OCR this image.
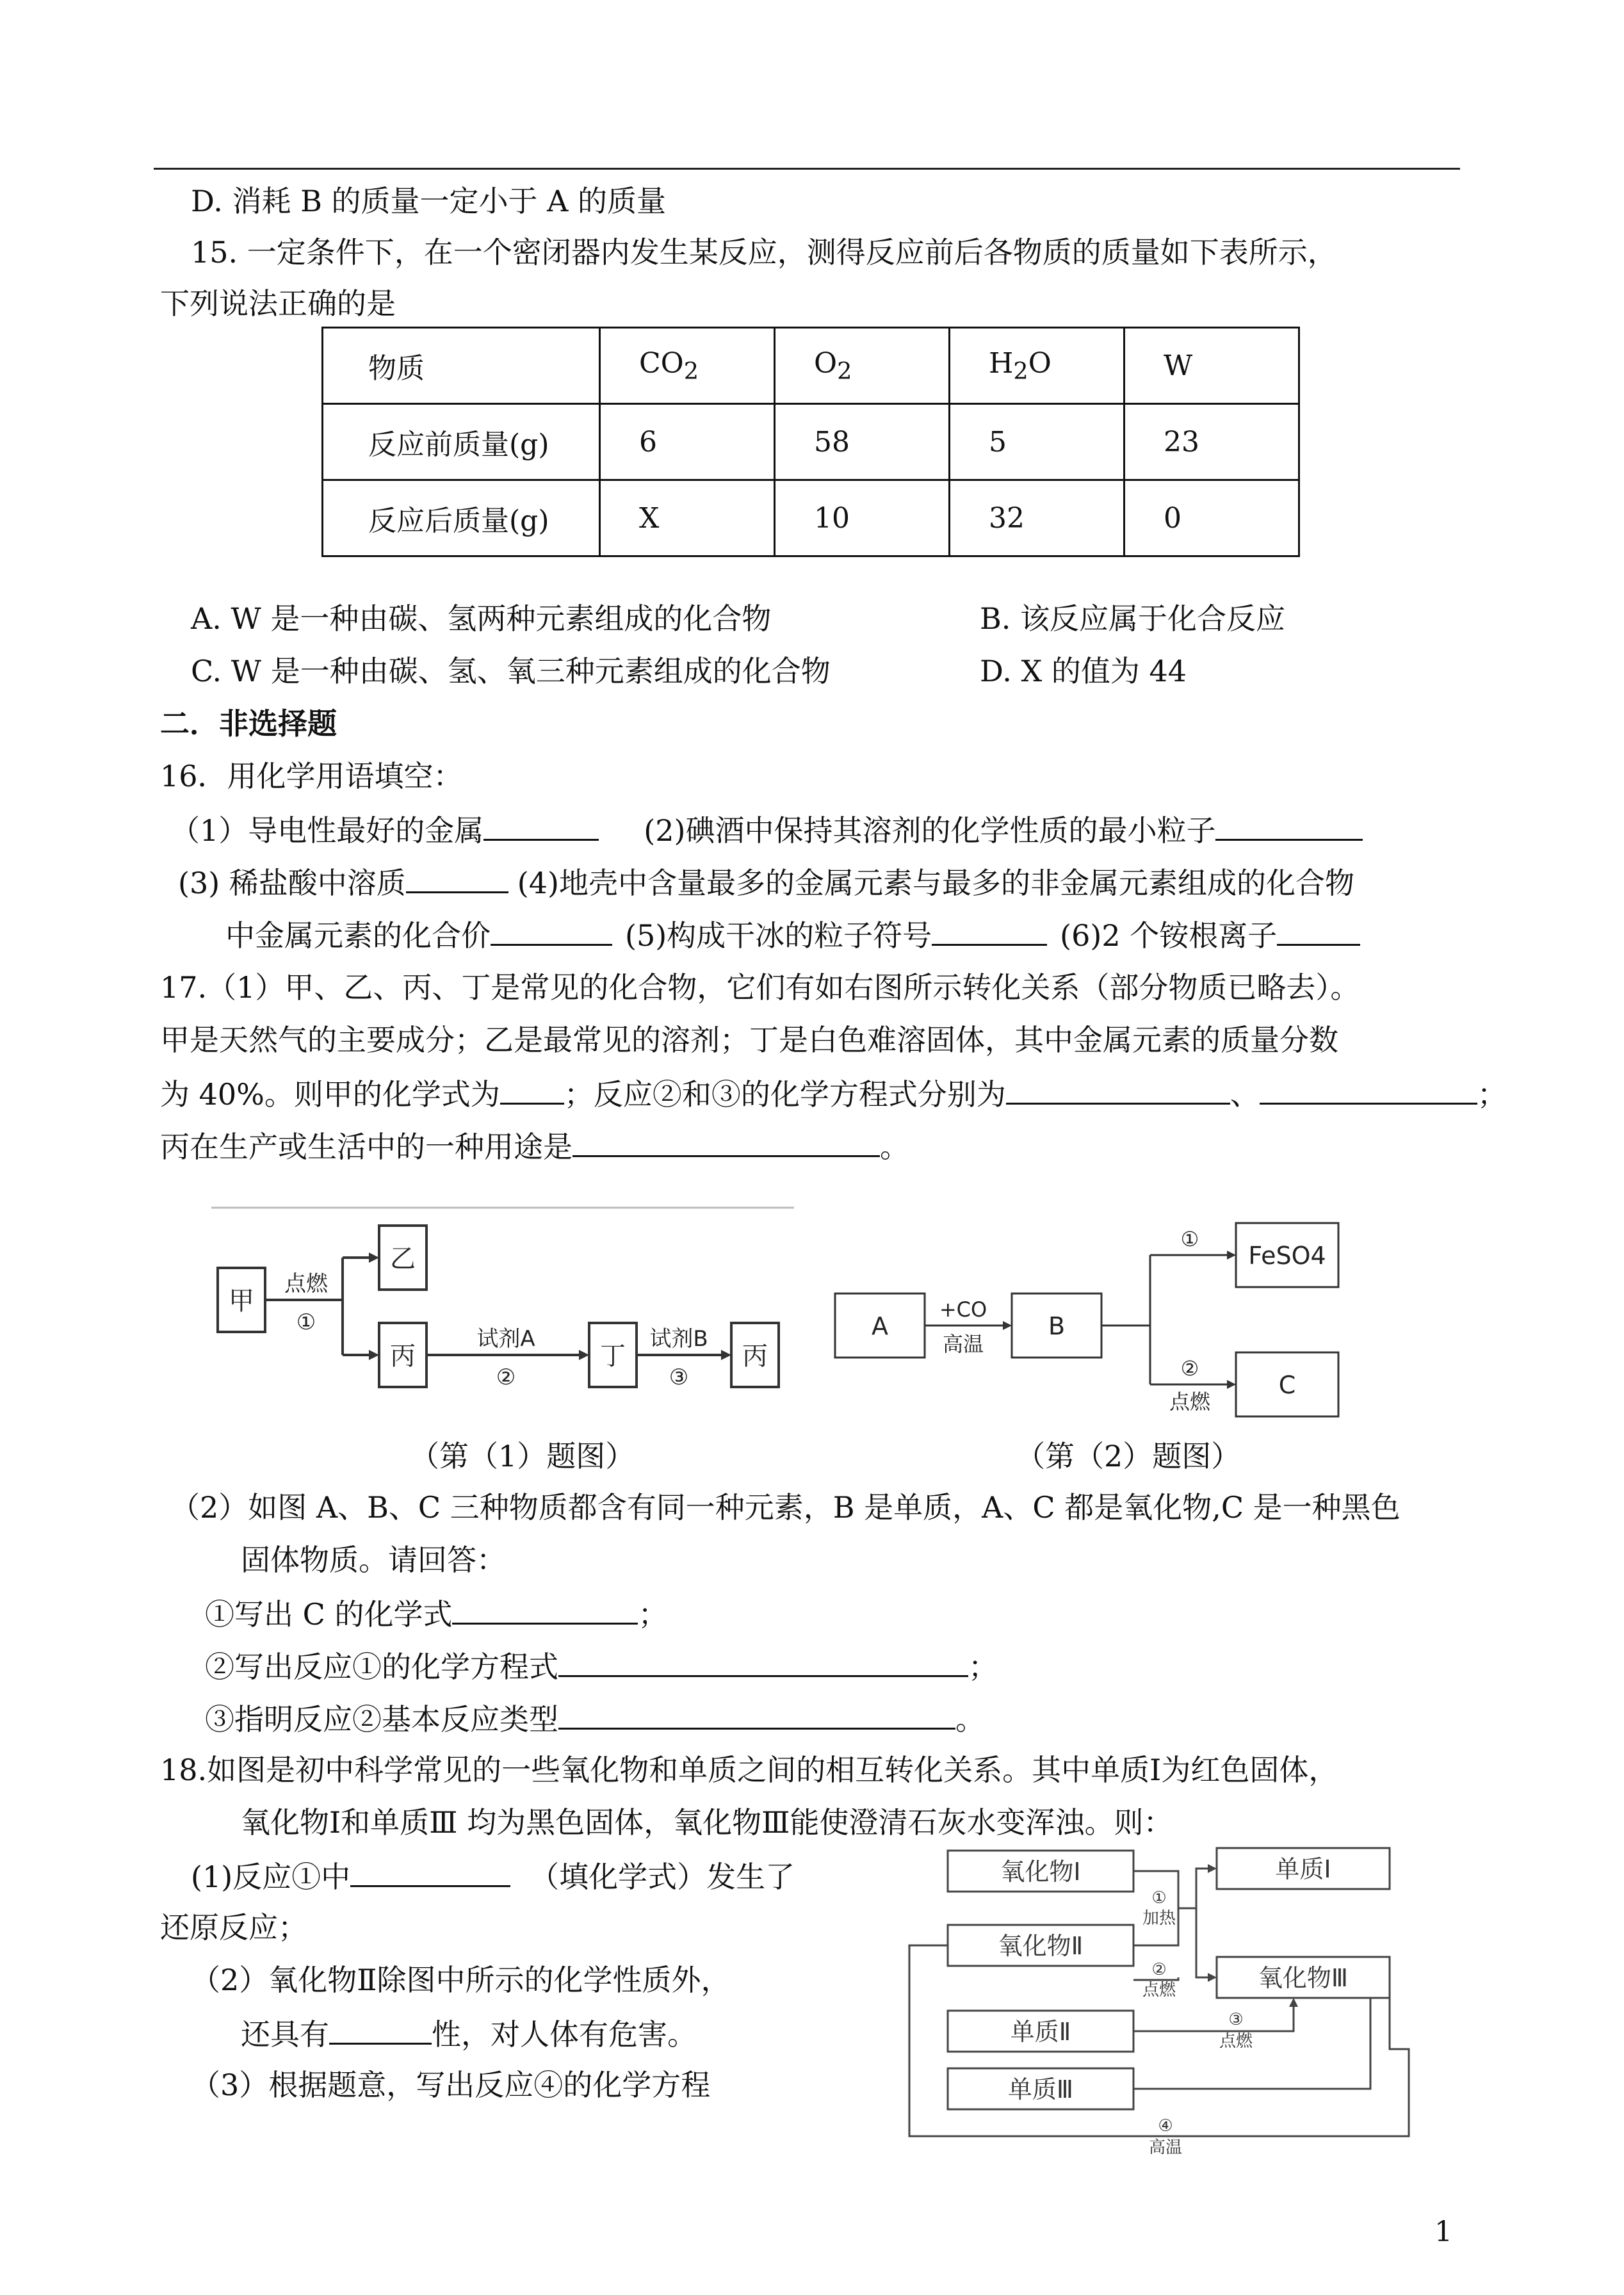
D. 消耗 B 的质量一定小于 A 的质量
15. 一定条件下，在一个密闭器内发生某反应，测得反应前后各物质的质量如下表所示，
下列说法正确的是
物质	$CO_2$	$O_2$	$H_2O$	W
反应前质量(g)	6	58	5	23
反应后质量(g)	X	10	32	0
A. W 是一种由碳、氢两种元素组成的化合物	B. 该反应属于化合反应
C. W 是一种由碳、氢、氧三种元素组成的化合物	D. X 的值为 44
二．非选择题
16．用化学用语填空：
（1）导电性最好的金属	(2)碘酒中保持其溶剂的化学性质的最小粒子
(3) 稀盐酸中溶质	(4)地壳中含量最多的金属元素与最多的非金属元素组成的化合物
中金属元素的化合价	(5)构成干冰的粒子符号	(6)2 个铵根离子
17.（1）甲、乙、丙、丁是常见的化合物，它们有如右图所示转化关系（部分物质已略去）。
甲是天然气的主要成分；乙是最常见的溶剂；丁是白色难溶固体，其中金属元素的质量分数
为 40%。则甲的化学式为 ；反应②和③的化学方程式分别为	、	；
丙在生产或生活中的一种用途是	。
甲
乙
丙	丁	丙
点燃
①
试剂A
②
试剂B
③
（第（1）题图）
A	B
FeSO4
C
+CO
高温
①
②
点燃
（第（2）题图）
（2）如图 A、B、C 三种物质都含有同一种元素，B 是单质，A、C 都是氧化物,C 是一种黑色
固体物质。请回答：
①写出 C 的化学式	；
②写出反应①的化学方程式	；
③指明反应②基本反应类型	。
18.如图是初中科学常见的一些氧化物和单质之间的相互转化关系。其中单质Ⅰ为红色固体，
氧化物Ⅰ和单质Ⅲ 均为黑色固体，氧化物Ⅲ能使澄清石灰水变浑浊。则：
(1)反应①中	（填化学式）发生了
还原反应；
（2）氧化物Ⅱ除图中所示的化学性质外，
还具有	性，对人体有危害。
（3）根据题意，写出反应④的化学方程
氧化物Ⅰ
氧化物Ⅱ
单质Ⅱ
单质Ⅲ
单质Ⅰ
氧化物Ⅲ
①
加热
②
点燃
③
点燃
④
高温
1
